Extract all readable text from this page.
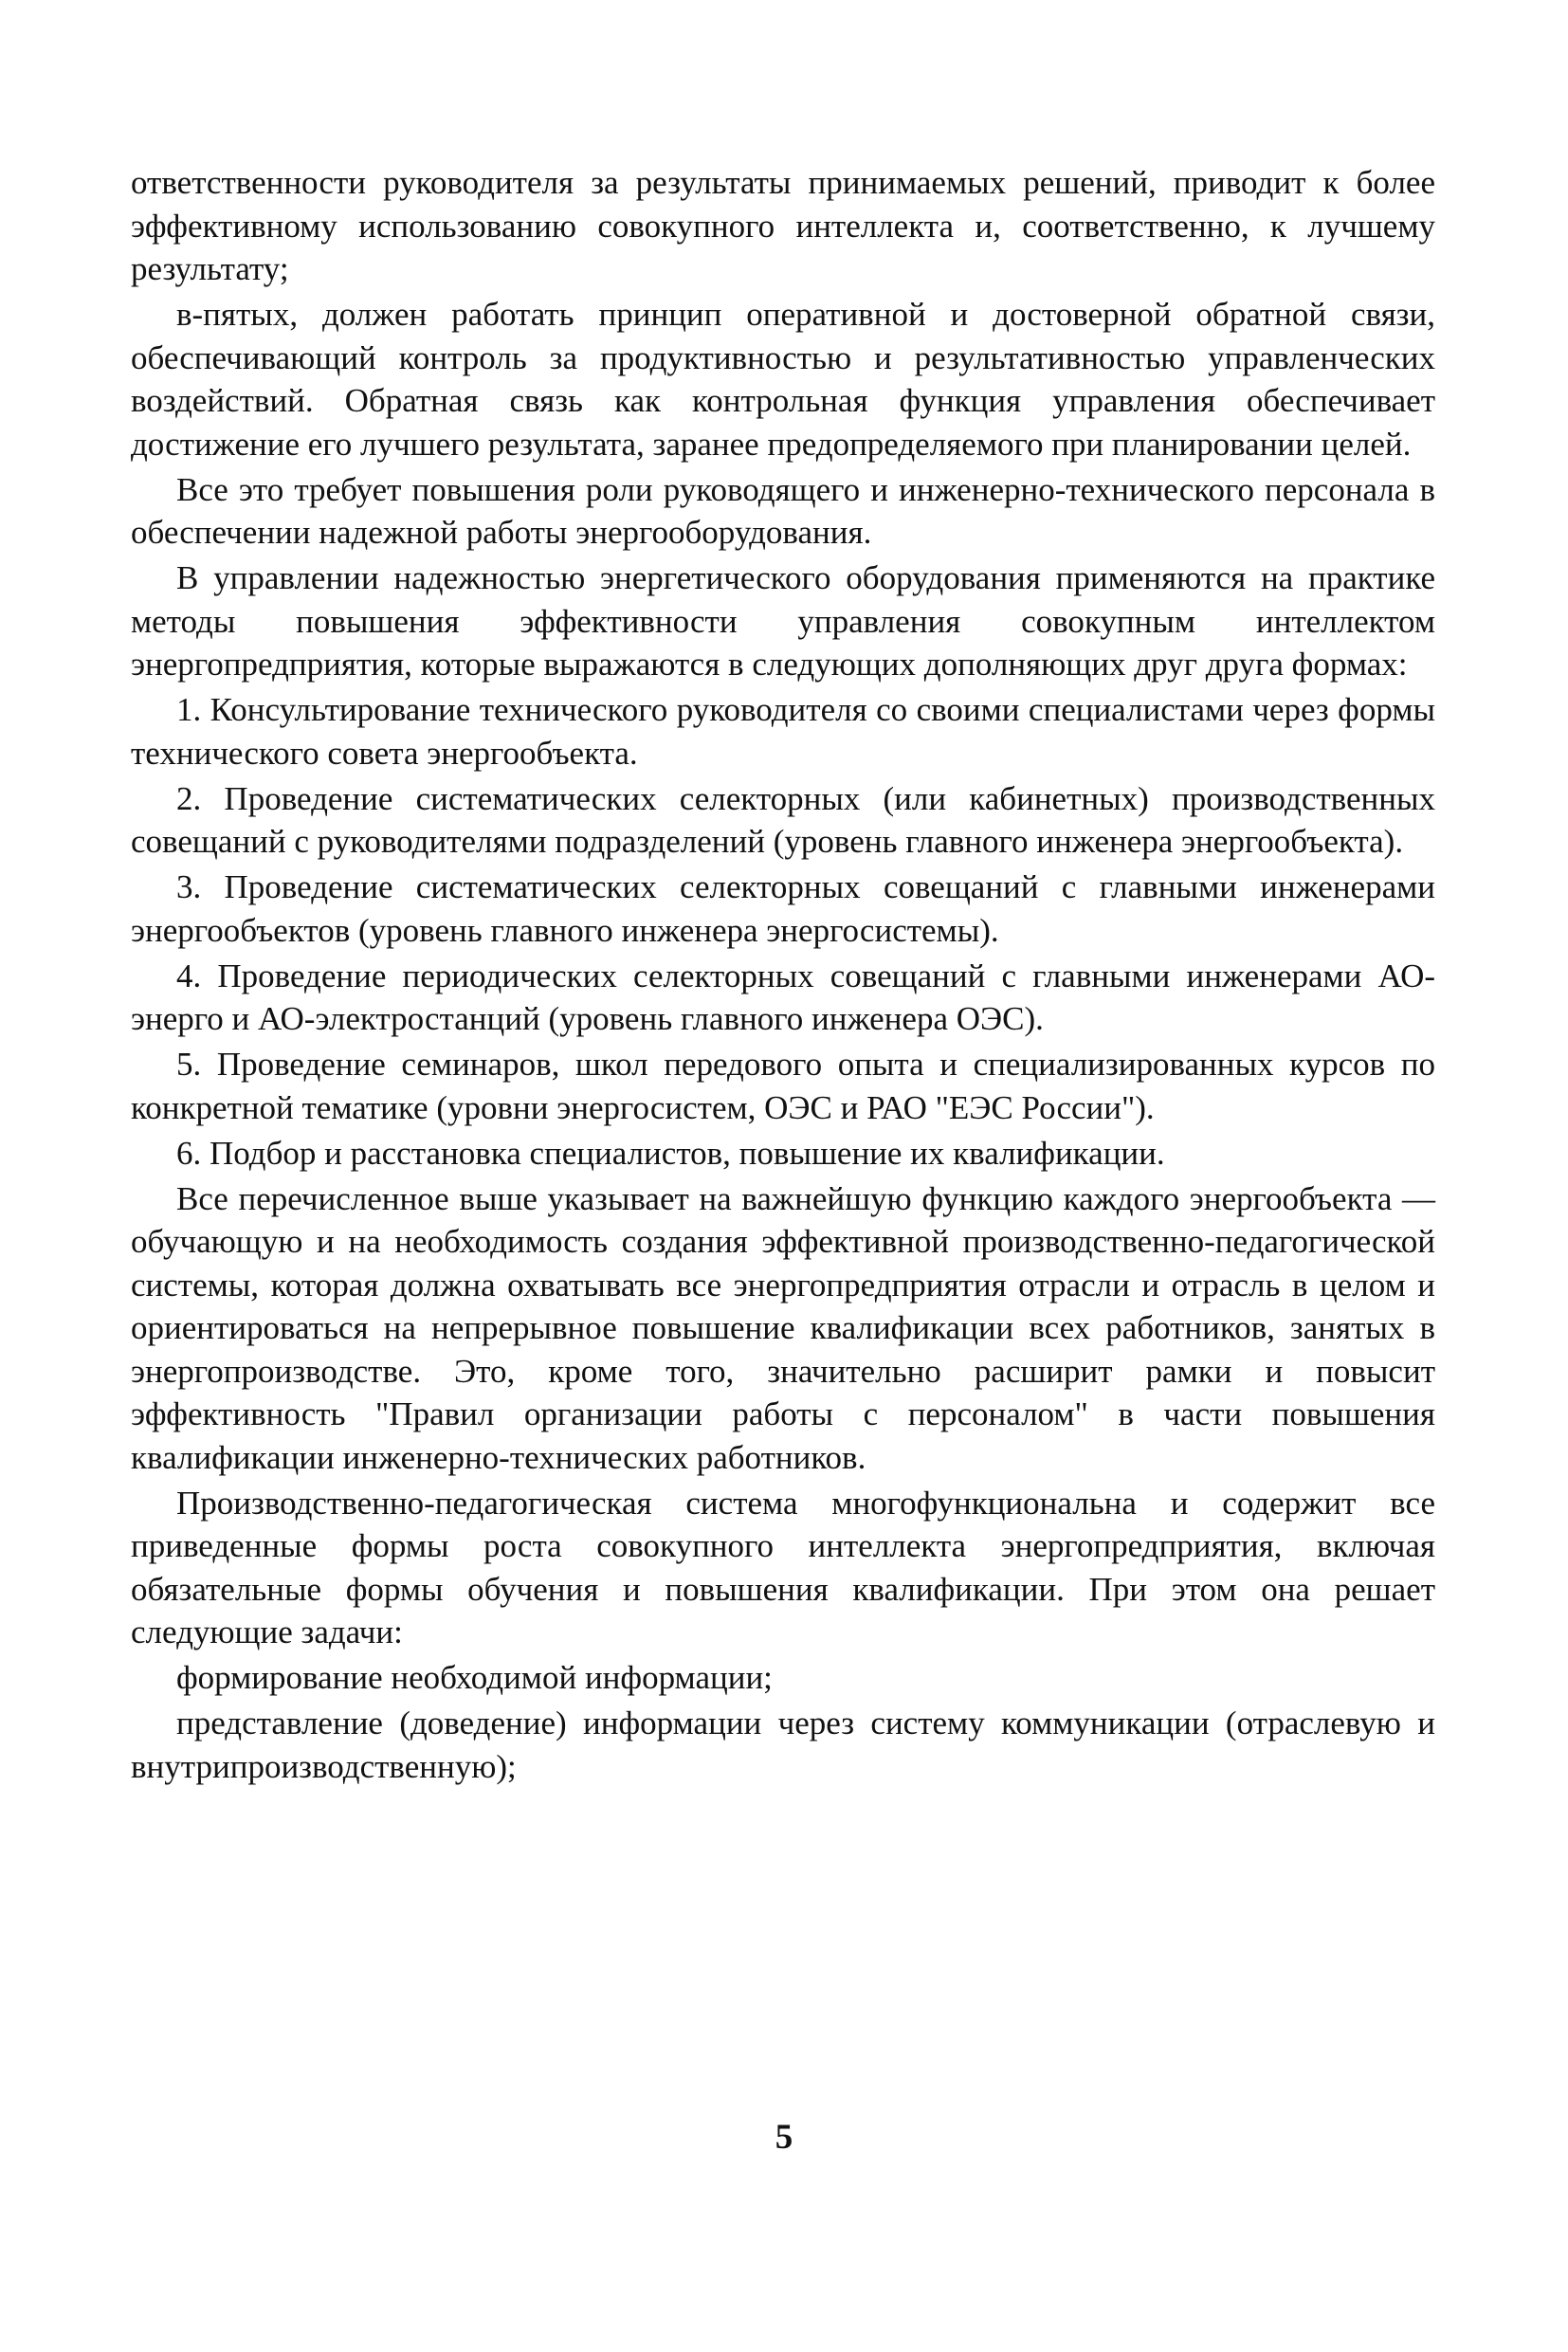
ответственности руководителя за результаты принимаемых решений, приводит к более эффективному использованию совокупного интеллекта и, соответственно, к лучшему результату;

в-пятых, должен работать принцип оперативной и достоверной обратной связи, обеспечивающий контроль за продуктивностью и результативностью управленческих воздействий. Обратная связь как контрольная функция управления обеспечивает достижение его лучшего результата, заранее предопределяемого при планировании целей.

Все это требует повышения роли руководящего и инженерно-технического персонала в обеспечении надежной работы энергооборудования.

В управлении надежностью энергетического оборудования применяются на практике методы повышения эффективности управления совокупным интеллектом энергопредприятия, которые выражаются в следующих дополняющих друг друга формах:

1. Консультирование технического руководителя со своими специалистами через формы технического совета энергообъекта.

2. Проведение систематических селекторных (или кабинетных) производственных совещаний с руководителями подразделений (уровень главного инженера энергообъекта).

3. Проведение систематических селекторных совещаний с главными инженерами энергообъектов (уровень главного инженера энергосистемы).

4. Проведение периодических селекторных совещаний с главными инженерами АО-энерго и АО-электростанций (уровень главного инженера ОЭС).

5. Проведение семинаров, школ передового опыта и специализированных курсов по конкретной тематике (уровни энергосистем, ОЭС и РАО "ЕЭС России").

6. Подбор и расстановка специалистов, повышение их квалификации.

Все перечисленное выше указывает на важнейшую функцию каждого энергообъекта — обучающую и на необходимость создания эффективной производственно-педагогической системы, которая должна охватывать все энергопредприятия отрасли и отрасль в целом и ориентироваться на непрерывное повышение квалификации всех работников, занятых в энергопроизводстве. Это, кроме того, значительно расширит рамки и повысит эффективность "Правил организации работы с персоналом" в части повышения квалификации инженерно-технических работников.

Производственно-педагогическая система многофункциональна и содержит все приведенные формы роста совокупного интеллекта энергопредприятия, включая обязательные формы обучения и повышения квалификации. При этом она решает следующие задачи:

формирование необходимой информации;

представление (доведение) информации через систему коммуникации (отраслевую и внутрипроизводственную);

5
